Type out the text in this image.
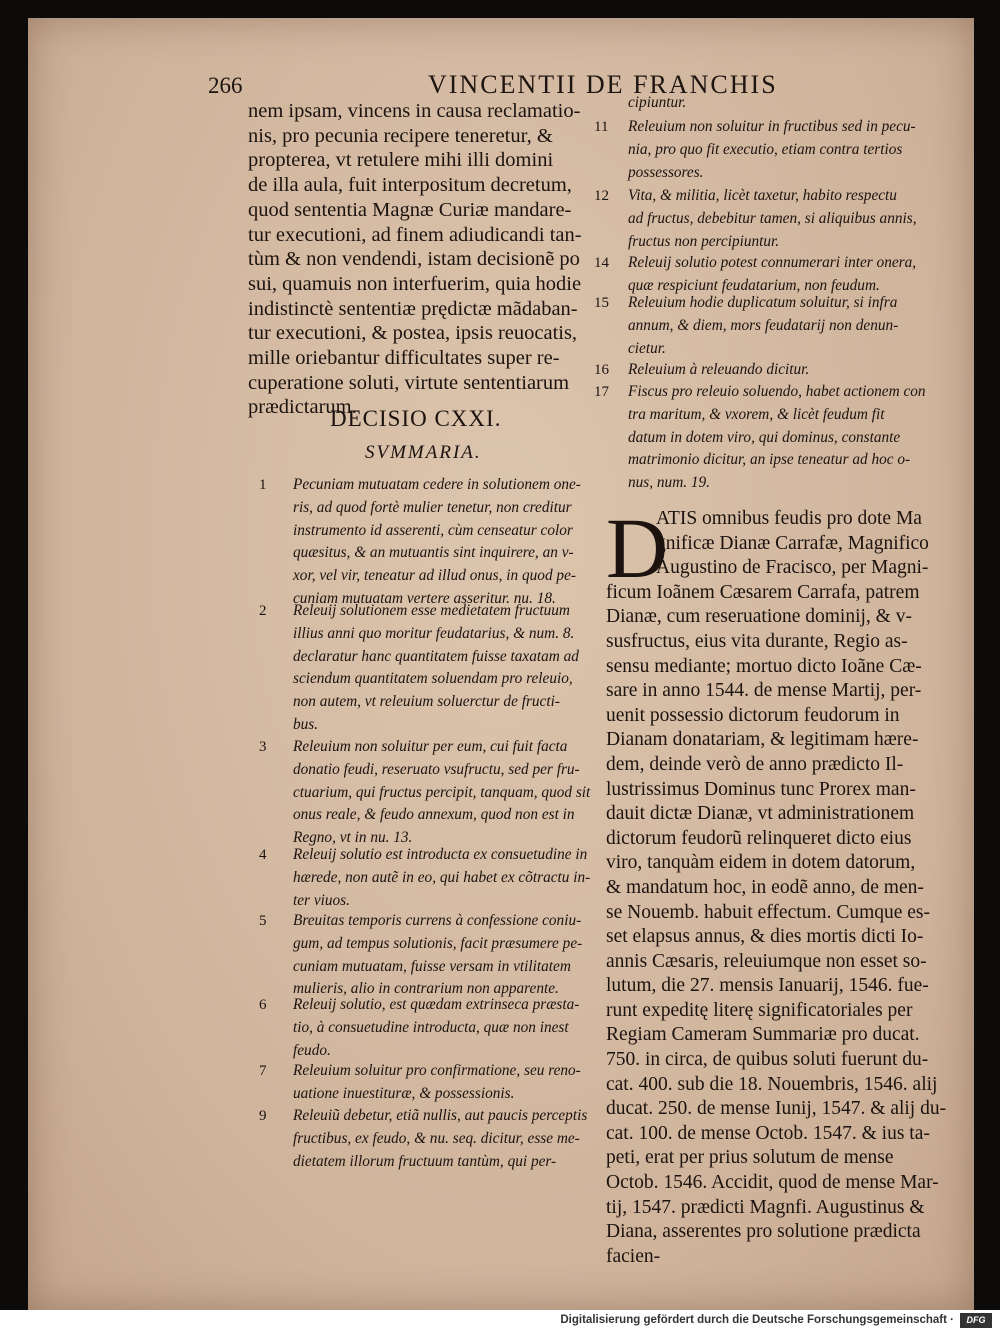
266	VINCENTII DE FRANCHIS
nem ipsam, vincens in causa reclamatio-
nis, pro pecunia recipere teneretur, &
propterea, vt retulere mihi illi domini
de illa aula, fuit interpositum decretum,
quod sententia Magnæ Curiæ mandare-
tur executioni, ad finem adiudicandi tan-
tùm & non vendendi, istam decisionẽ po
sui, quamuis non interfuerim, quia hodie
indistinctè sententiæ prędictæ mãdaban-
tur executioni, & postea, ipsis reuocatis,
mille oriebantur difficultates super re-
cuperatione soluti, virtute sententiarum
prædictarum.
DECISIO CXXI.
SVMMARIA.
1 Pecuniam mutuatam cedere in solutionem one-
ris, ad quod fortè mulier tenetur, non creditur
instrumento id asserenti, cùm censeatur color
quæsitus, & an mutuantis sint inquirere, an v-
xor, vel vir, teneatur ad illud onus, in quod pe-
cuniam mutuatam vertere asseritur. nu. 18.
2 Releuij solutionem esse medietatem fructuum
illius anni quo moritur feudatarius, & num. 8.
declaratur hanc quantitatem fuisse taxatam ad
sciendum quantitatem soluendam pro releuio,
non autem, vt releuium soluerctur de fructi-
bus.
3 Releuium non soluitur per eum, cui fuit facta
donatio feudi, reseruato vsufructu, sed per fru-
ctuarium, qui fructus percipit, tanquam, quod sit
onus reale, & feudo annexum, quod non est in
Regno, vt in nu. 13.
4 Releuij solutio est introducta ex consuetudine in
hærede, non autẽ in eo, qui habet ex cõtractu in-
ter viuos.
5 Breuitas temporis currens à confessione coniu-
gum, ad tempus solutionis, facit præsumere pe-
cuniam mutuatam, fuisse versam in vtilitatem
mulieris, alio in contrarium non apparente.
6 Releuij solutio, est quædam extrinseca præsta-
tio, à consuetudine introducta, quæ non inest
feudo.
7 Releuium soluitur pro confirmatione, seu reno-
uatione inuestituræ, & possessionis.
9 Releuiũ debetur, etiã nullis, aut paucis perceptis
fructibus, ex feudo, & nu. seq. dicitur, esse me-
dietatem illorum fructuum tantùm, qui per-
cipiuntur.
11 Releuium non soluitur in fructibus sed in pecu-
nia, pro quo fit executio, etiam contra tertios
possessores.
12 Vita, & militia, licèt taxetur, habito respectu
ad fructus, debebitur tamen, si aliquibus annis,
fructus non percipiuntur.
14 Releuij solutio potest connumerari inter onera,
quæ respiciunt feudatarium, non feudum.
15 Releuium hodie duplicatum soluitur, si infra
annum, & diem, mors feudatarij non denun-
cietur.
16 Releuium à releuando dicitur.
17 Fiscus pro releuio soluendo, habet actionem con
tra maritum, & vxorem, & licèt feudum fit
datum in dotem viro, qui dominus, constante
matrimonio dicitur, an ipse teneatur ad hoc o-
nus, num. 19.
D
ATIS omnibus feudis pro dote Ma
gnificæ Dianæ Carrafæ, Magnifico
Augustino de Fracisco, per Magni-
ficum Ioãnem Cæsarem Carrafa, patrem
Dianæ, cum reseruatione dominij, & v-
susfructus, eius vita durante, Regio as-
sensu mediante; mortuo dicto Ioãne Cæ-
sare in anno 1544. de mense Martij, per-
uenit possessio dictorum feudorum in
Dianam donatariam, & legitimam hære-
dem, deinde verò de anno prædicto Il-
lustrissimus Dominus tunc Prorex man-
dauit dictæ Dianæ, vt administrationem
dictorum feudorũ relinqueret dicto eius
viro, tanquàm eidem in dotem datorum,
& mandatum hoc, in eodẽ anno, de men-
se Nouemb. habuit effectum. Cumque es-
set elapsus annus, & dies mortis dicti Io-
annis Cæsaris, releuiumque non esset so-
lutum, die 27. mensis Ianuarij, 1546. fue-
runt expeditę literę significatoriales per
Regiam Cameram Summariæ pro ducat.
750. in circa, de quibus soluti fuerunt du-
cat. 400. sub die 18. Nouembris, 1546. alij
ducat. 250. de mense Iunij, 1547. & alij du-
cat. 100. de mense Octob. 1547. & ius ta-
peti, erat per prius solutum de mense
Octob. 1546. Accidit, quod de mense Mar-
tij, 1547. prædicti Magnfi. Augustinus &
Diana, asserentes pro solutione prædicta
facien-
Digitalisierung gefördert durch die Deutsche Forschungsgemeinschaft ·	DFG
